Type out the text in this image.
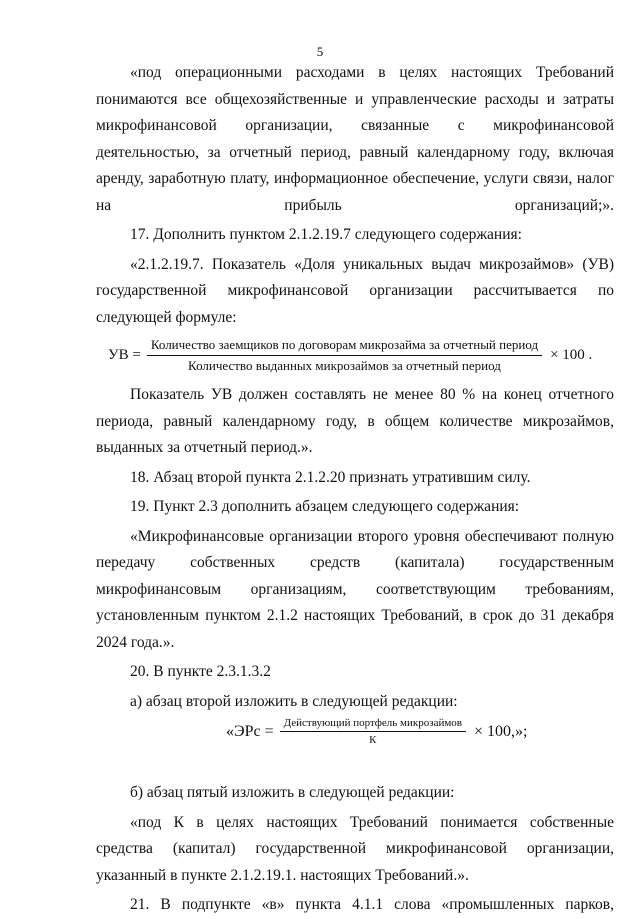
5

«под операционными расходами в целях настоящих Требований понимаются все общехозяйственные и управленческие расходы и затраты микрофинансовой организации, связанные с микрофинансовой деятельностью, за отчетный период, равный календарному году, включая аренду, заработную плату, информационное обеспечение, услуги связи, налог на прибыль организаций;».

17. Дополнить пунктом 2.1.2.19.7 следующего содержания:

«2.1.2.19.7. Показатель «Доля уникальных выдач микрозаймов» (УВ) государственной микрофинансовой организации рассчитывается по следующей формуле:

УВ =
Количество заемщиков по договорам микрозайма за отчетный период
Количество выданных микрозаймов за отчетный период
× 100 .

Показатель УВ должен составлять не менее 80 % на конец отчетного периода, равный календарному году, в общем количестве микрозаймов, выданных за отчетный период.».

18. Абзац второй пункта 2.1.2.20 признать утратившим силу.

19. Пункт 2.3 дополнить абзацем следующего содержания:

«Микрофинансовые организации второго уровня обеспечивают полную передачу собственных средств (капитала) государственным микрофинансовым организациям, соответствующим требованиям, установленным пунктом 2.1.2 настоящих Требований, в срок до 31 декабря 2024 года.».

20. В пункте 2.3.1.3.2

а) абзац второй изложить в следующей редакции:

«ЭРс = $\frac{\text{Действующий портфель микрозаймов}}{К} \times 100$,»;

б) абзац пятый изложить в следующей редакции:

«под К в целях настоящих Требований понимается собственные средства (капитал) государственной микрофинансовой организации, указанный в пункте 2.1.2.19.1. настоящих Требований.».

21. В подпункте «в» пункта 4.1.1 слова «промышленных парков,
